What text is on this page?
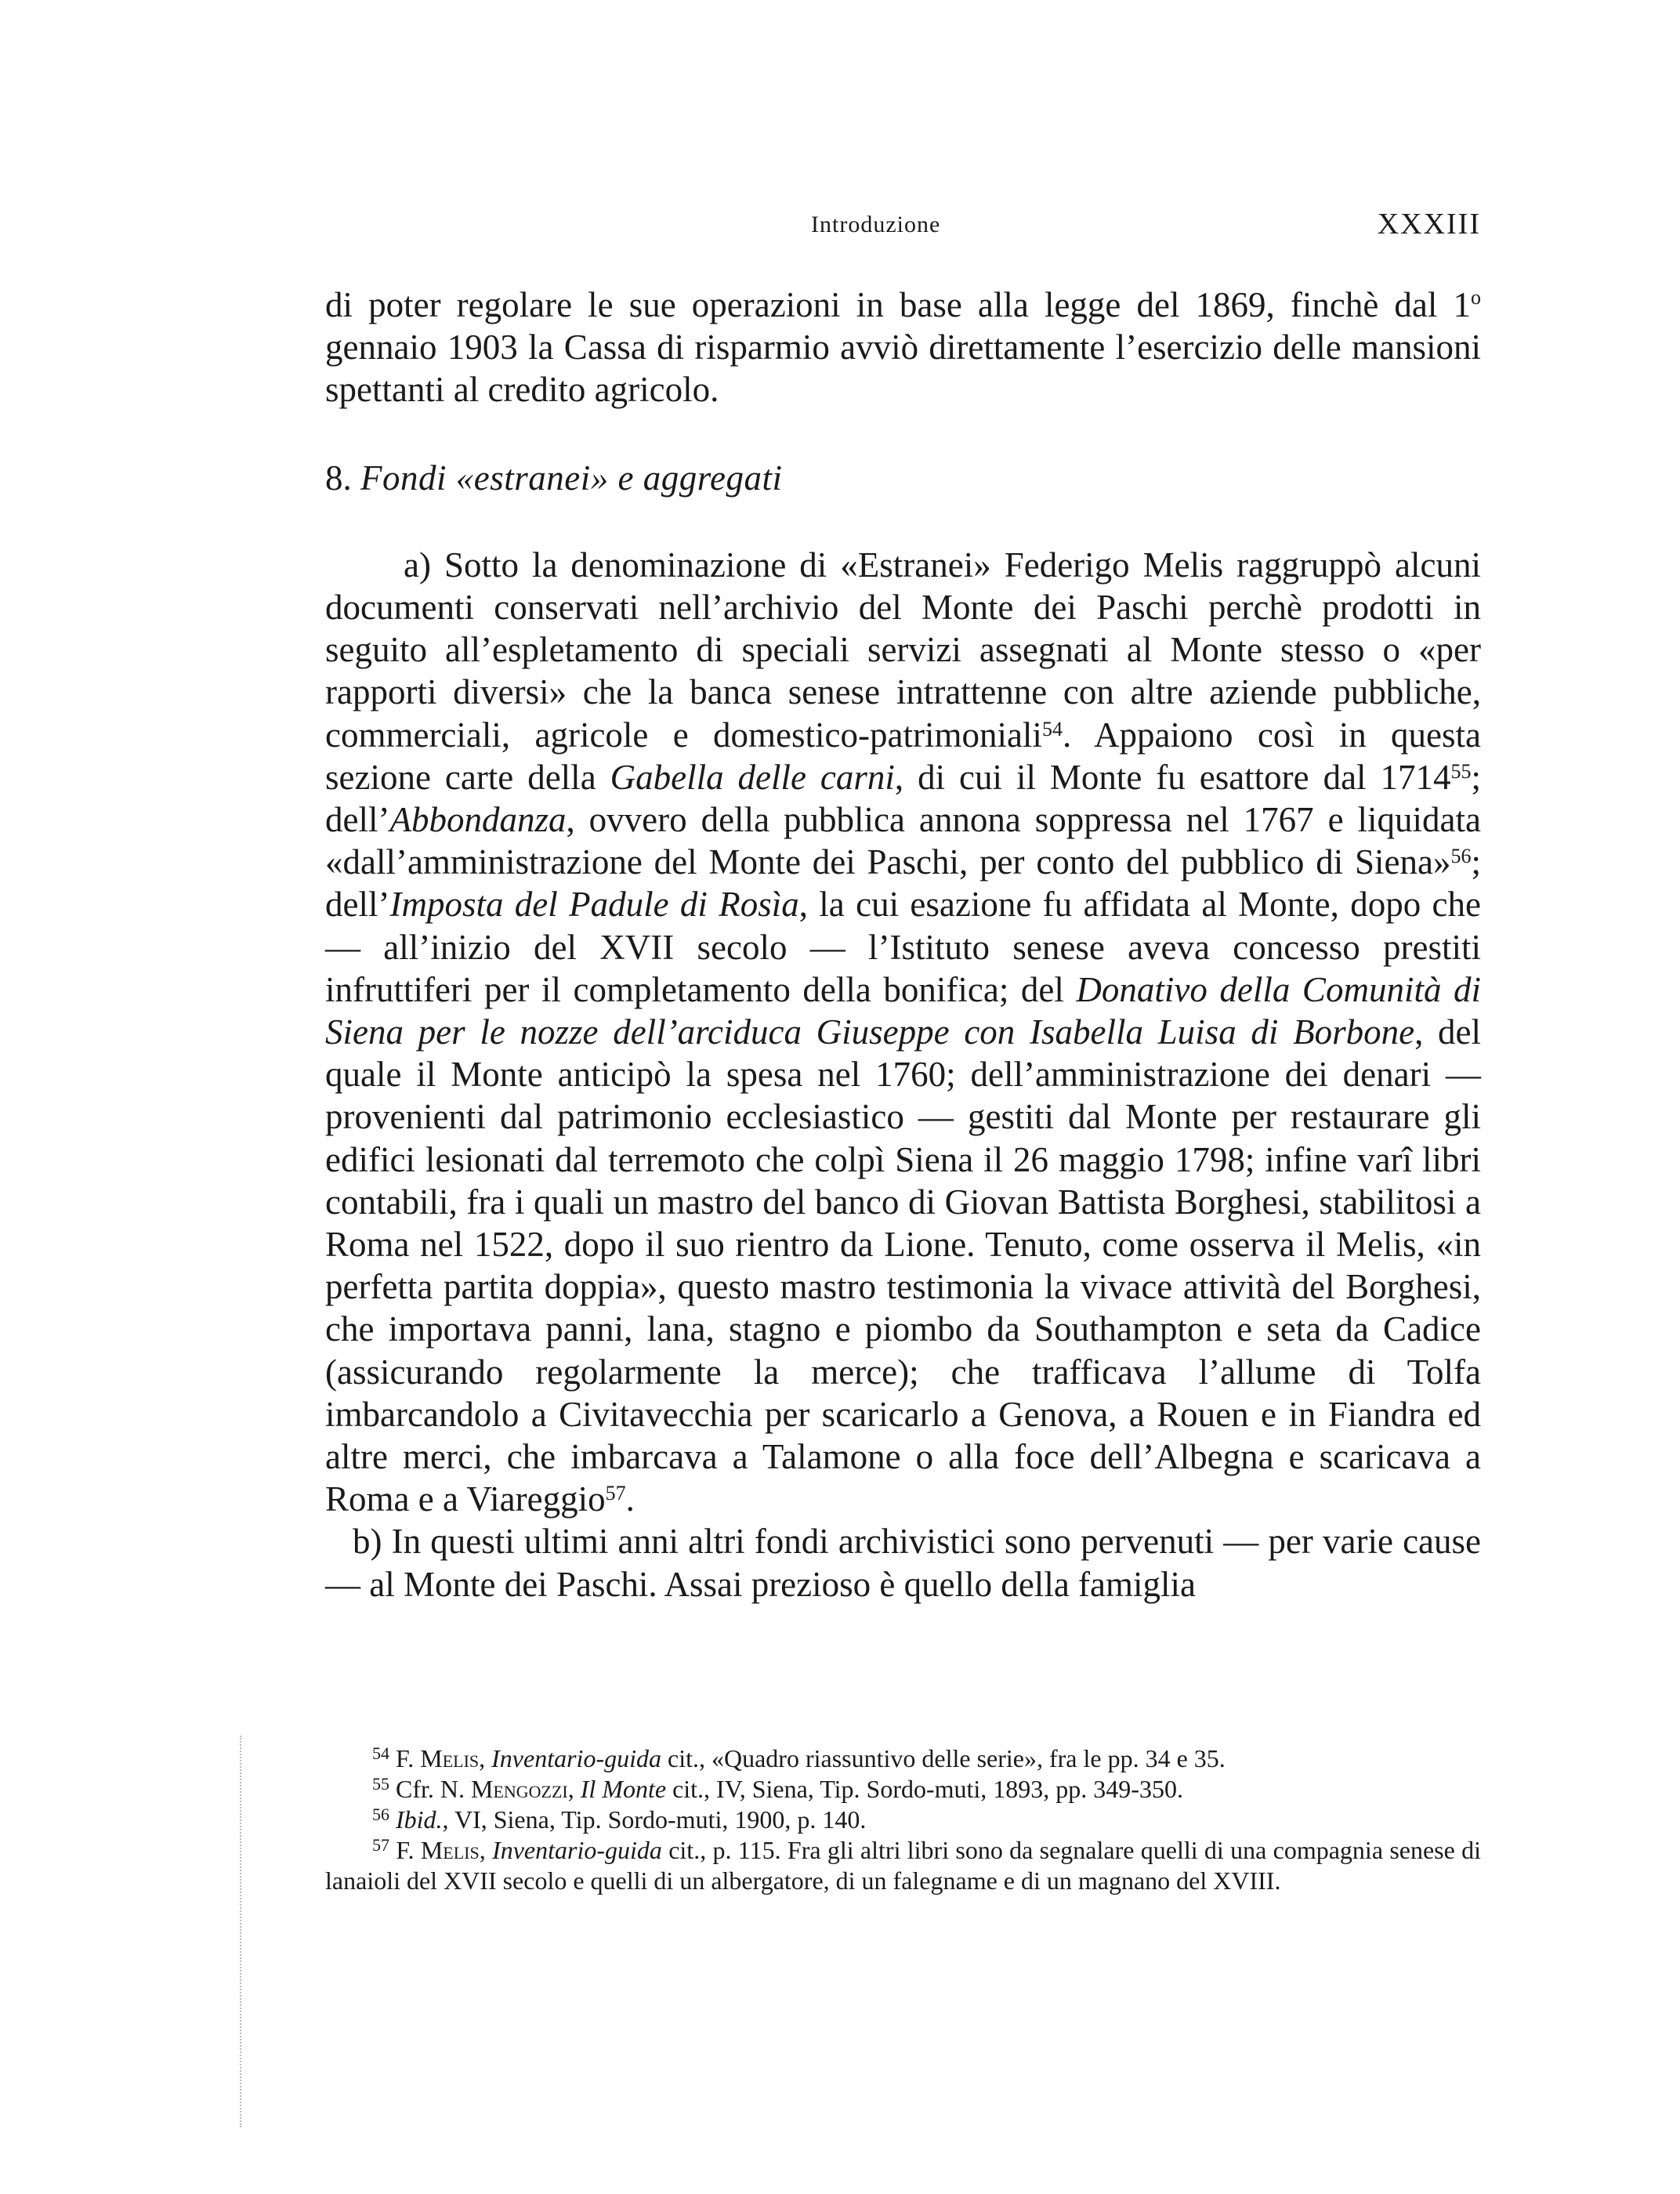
Introduzione	XXXIII

di poter regolare le sue operazioni in base alla legge del 1869, finchè dal 1$^o$ gennaio 1903 la Cassa di risparmio avviò direttamente l’esercizio delle mansioni spettanti al credito agricolo.

8. Fondi «estranei» e aggregati

a) Sotto la denominazione di «Estranei» Federigo Melis raggruppò alcuni documenti conservati nell’archivio del Monte dei Paschi perchè prodotti in seguito all’espletamento di speciali servizi assegnati al Monte stesso o «per rapporti diversi» che la banca senese intrattenne con altre aziende pubbliche, commerciali, agricole e domestico-patrimoniali$^{54}$. Appaiono così in questa sezione carte della Gabella delle carni, di cui il Monte fu esattore dal 1714$^{55}$; dell’Abbondanza, ovvero della pubblica annona soppressa nel 1767 e liquidata «dall’amministrazione del Monte dei Paschi, per conto del pubblico di Siena»$^{56}$; dell’Imposta del Padule di Rosìa, la cui esazione fu affidata al Monte, dopo che — all’inizio del XVII secolo — l’Istituto senese aveva concesso prestiti infruttiferi per il completamento della bonifica; del Donativo della Comunità di Siena per le nozze dell’arciduca Giuseppe con Isabella Luisa di Borbone, del quale il Monte anticipò la spesa nel 1760; dell’amministrazione dei denari — provenienti dal patrimonio ecclesiastico — gestiti dal Monte per restaurare gli edifici lesionati dal terremoto che colpì Siena il 26 maggio 1798; infine varî libri contabili, fra i quali un mastro del banco di Giovan Battista Borghesi, stabilitosi a Roma nel 1522, dopo il suo rientro da Lione. Tenuto, come osserva il Melis, «in perfetta partita doppia», questo mastro testimonia la vivace attività del Borghesi, che importava panni, lana, stagno e piombo da Southampton e seta da Cadice (assicurando regolarmente la merce); che trafficava l’allume di Tolfa imbarcandolo a Civitavecchia per scaricarlo a Genova, a Rouen e in Fiandra ed altre merci, che imbarcava a Talamone o alla foce dell’Albegna e scaricava a Roma e a Viareggio$^{57}$.

b) In questi ultimi anni altri fondi archivistici sono pervenuti — per varie cause — al Monte dei Paschi. Assai prezioso è quello della famiglia

$^{54}$ F. Melis, Inventario-guida cit., «Quadro riassuntivo delle serie», fra le pp. 34 e 35.

$^{55}$ Cfr. N. Mengozzi, Il Monte cit., IV, Siena, Tip. Sordo-muti, 1893, pp. 349-350.

$^{56}$ Ibid., VI, Siena, Tip. Sordo-muti, 1900, p. 140.

$^{57}$ F. Melis, Inventario-guida cit., p. 115. Fra gli altri libri sono da segnalare quelli di una compagnia senese di lanaioli del XVII secolo e quelli di un albergatore, di un falegname e di un magnano del XVIII.
